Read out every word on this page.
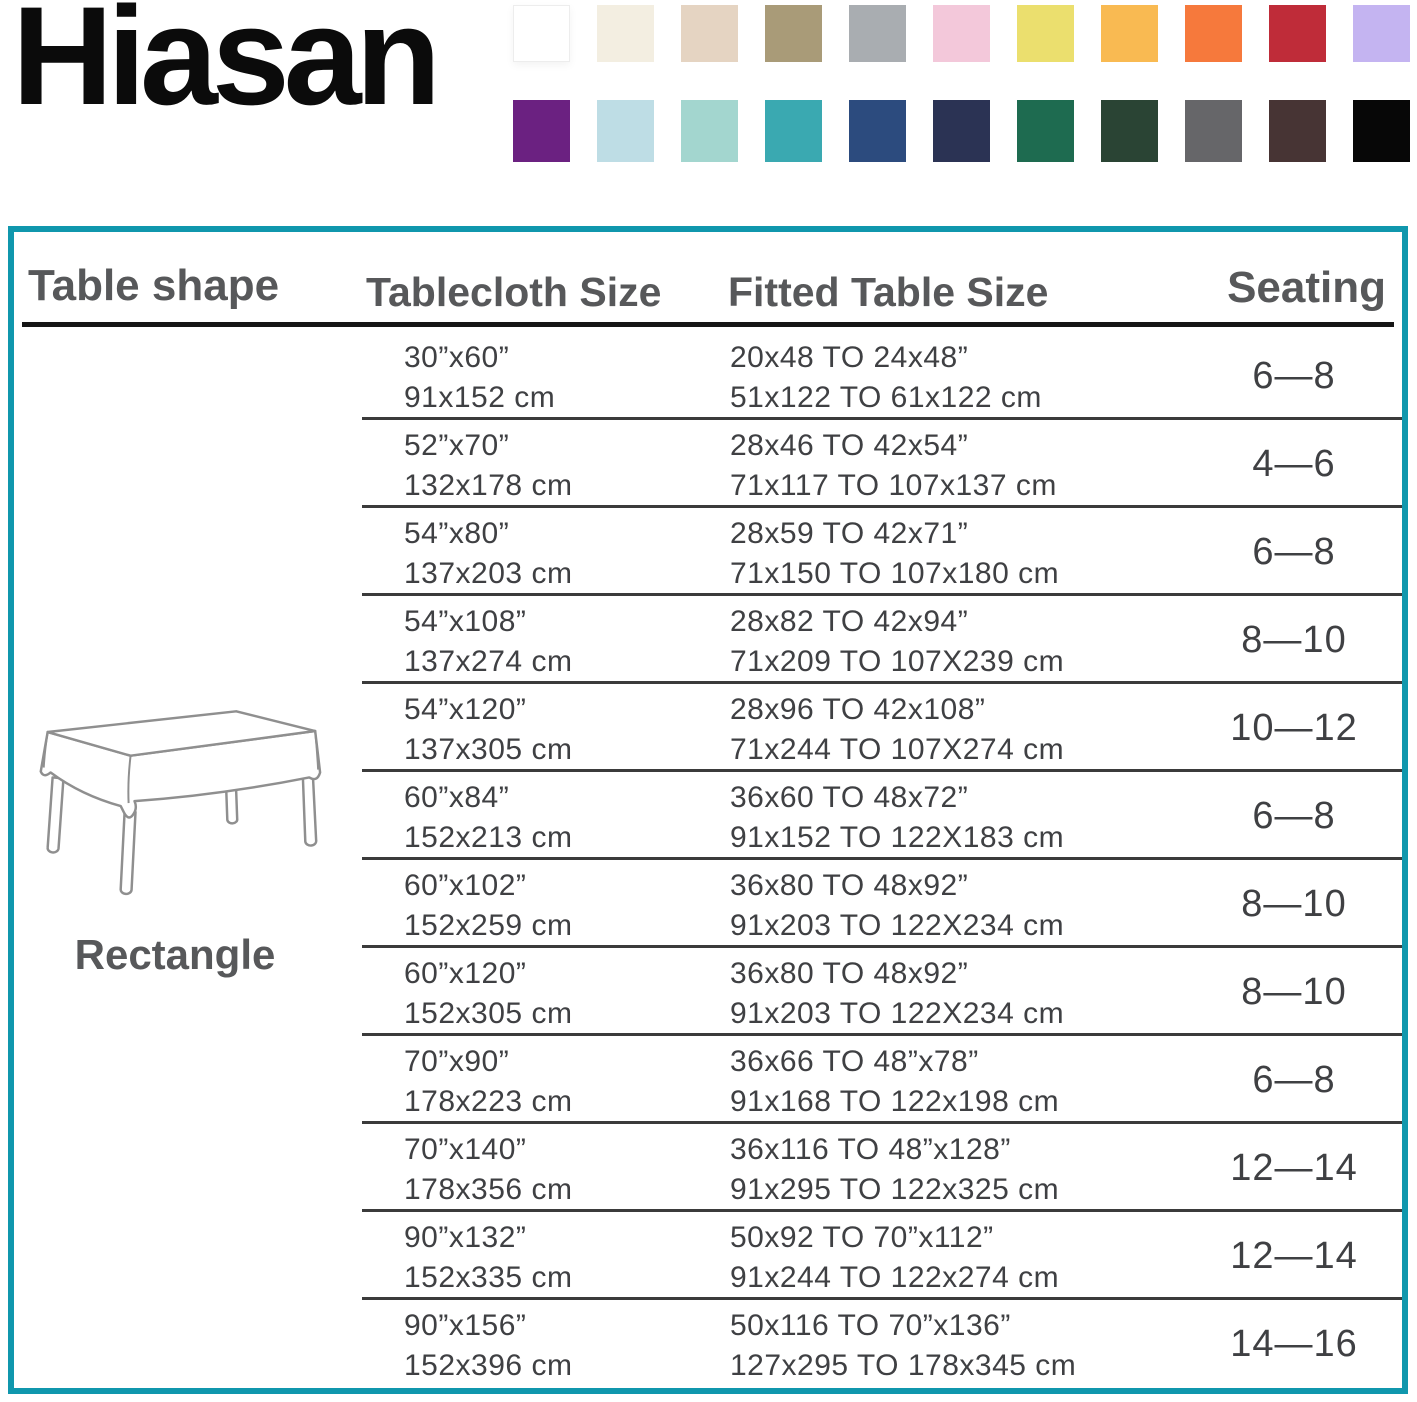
Hiasan
Table shape Tablecloth Size Fitted Table Size	Seating
30”x60”
91x152 cm
20x48 TO 24x48”
51x122 TO 61x122 cm
6—8
52”x70”
132x178 cm
28x46 TO 42x54”
71x117 TO 107x137 cm
4—6
54”x80”
137x203 cm
28x59 TO 42x71”
71x150 TO 107x180 cm
6—8
54”x108”
137x274 cm
28x82 TO 42x94”
71x209 TO 107X239 cm
8—10
54”x120”
137x305 cm
28x96 TO 42x108”
71x244 TO 107X274 cm
10—12
60”x84”
152x213 cm
36x60 TO 48x72”
91x152 TO 122X183 cm
6—8
60”x102”
152x259 cm
36x80 TO 48x92”
91x203 TO 122X234 cm
8—10
60”x120”
152x305 cm
36x80 TO 48x92”
91x203 TO 122X234 cm
8—10
70”x90”
178x223 cm
36x66 TO 48”x78”
91x168 TO 122x198 cm
6—8
70”x140”
178x356 cm
36x116 TO 48”x128”
91x295 TO 122x325 cm
12—14
90”x132”
152x335 cm
50x92 TO 70”x112”
91x244 TO 122x274 cm
12—14
90”x156”
152x396 cm
50x116 TO 70”x136”
127x295 TO 178x345 cm
14—16
Rectangle
